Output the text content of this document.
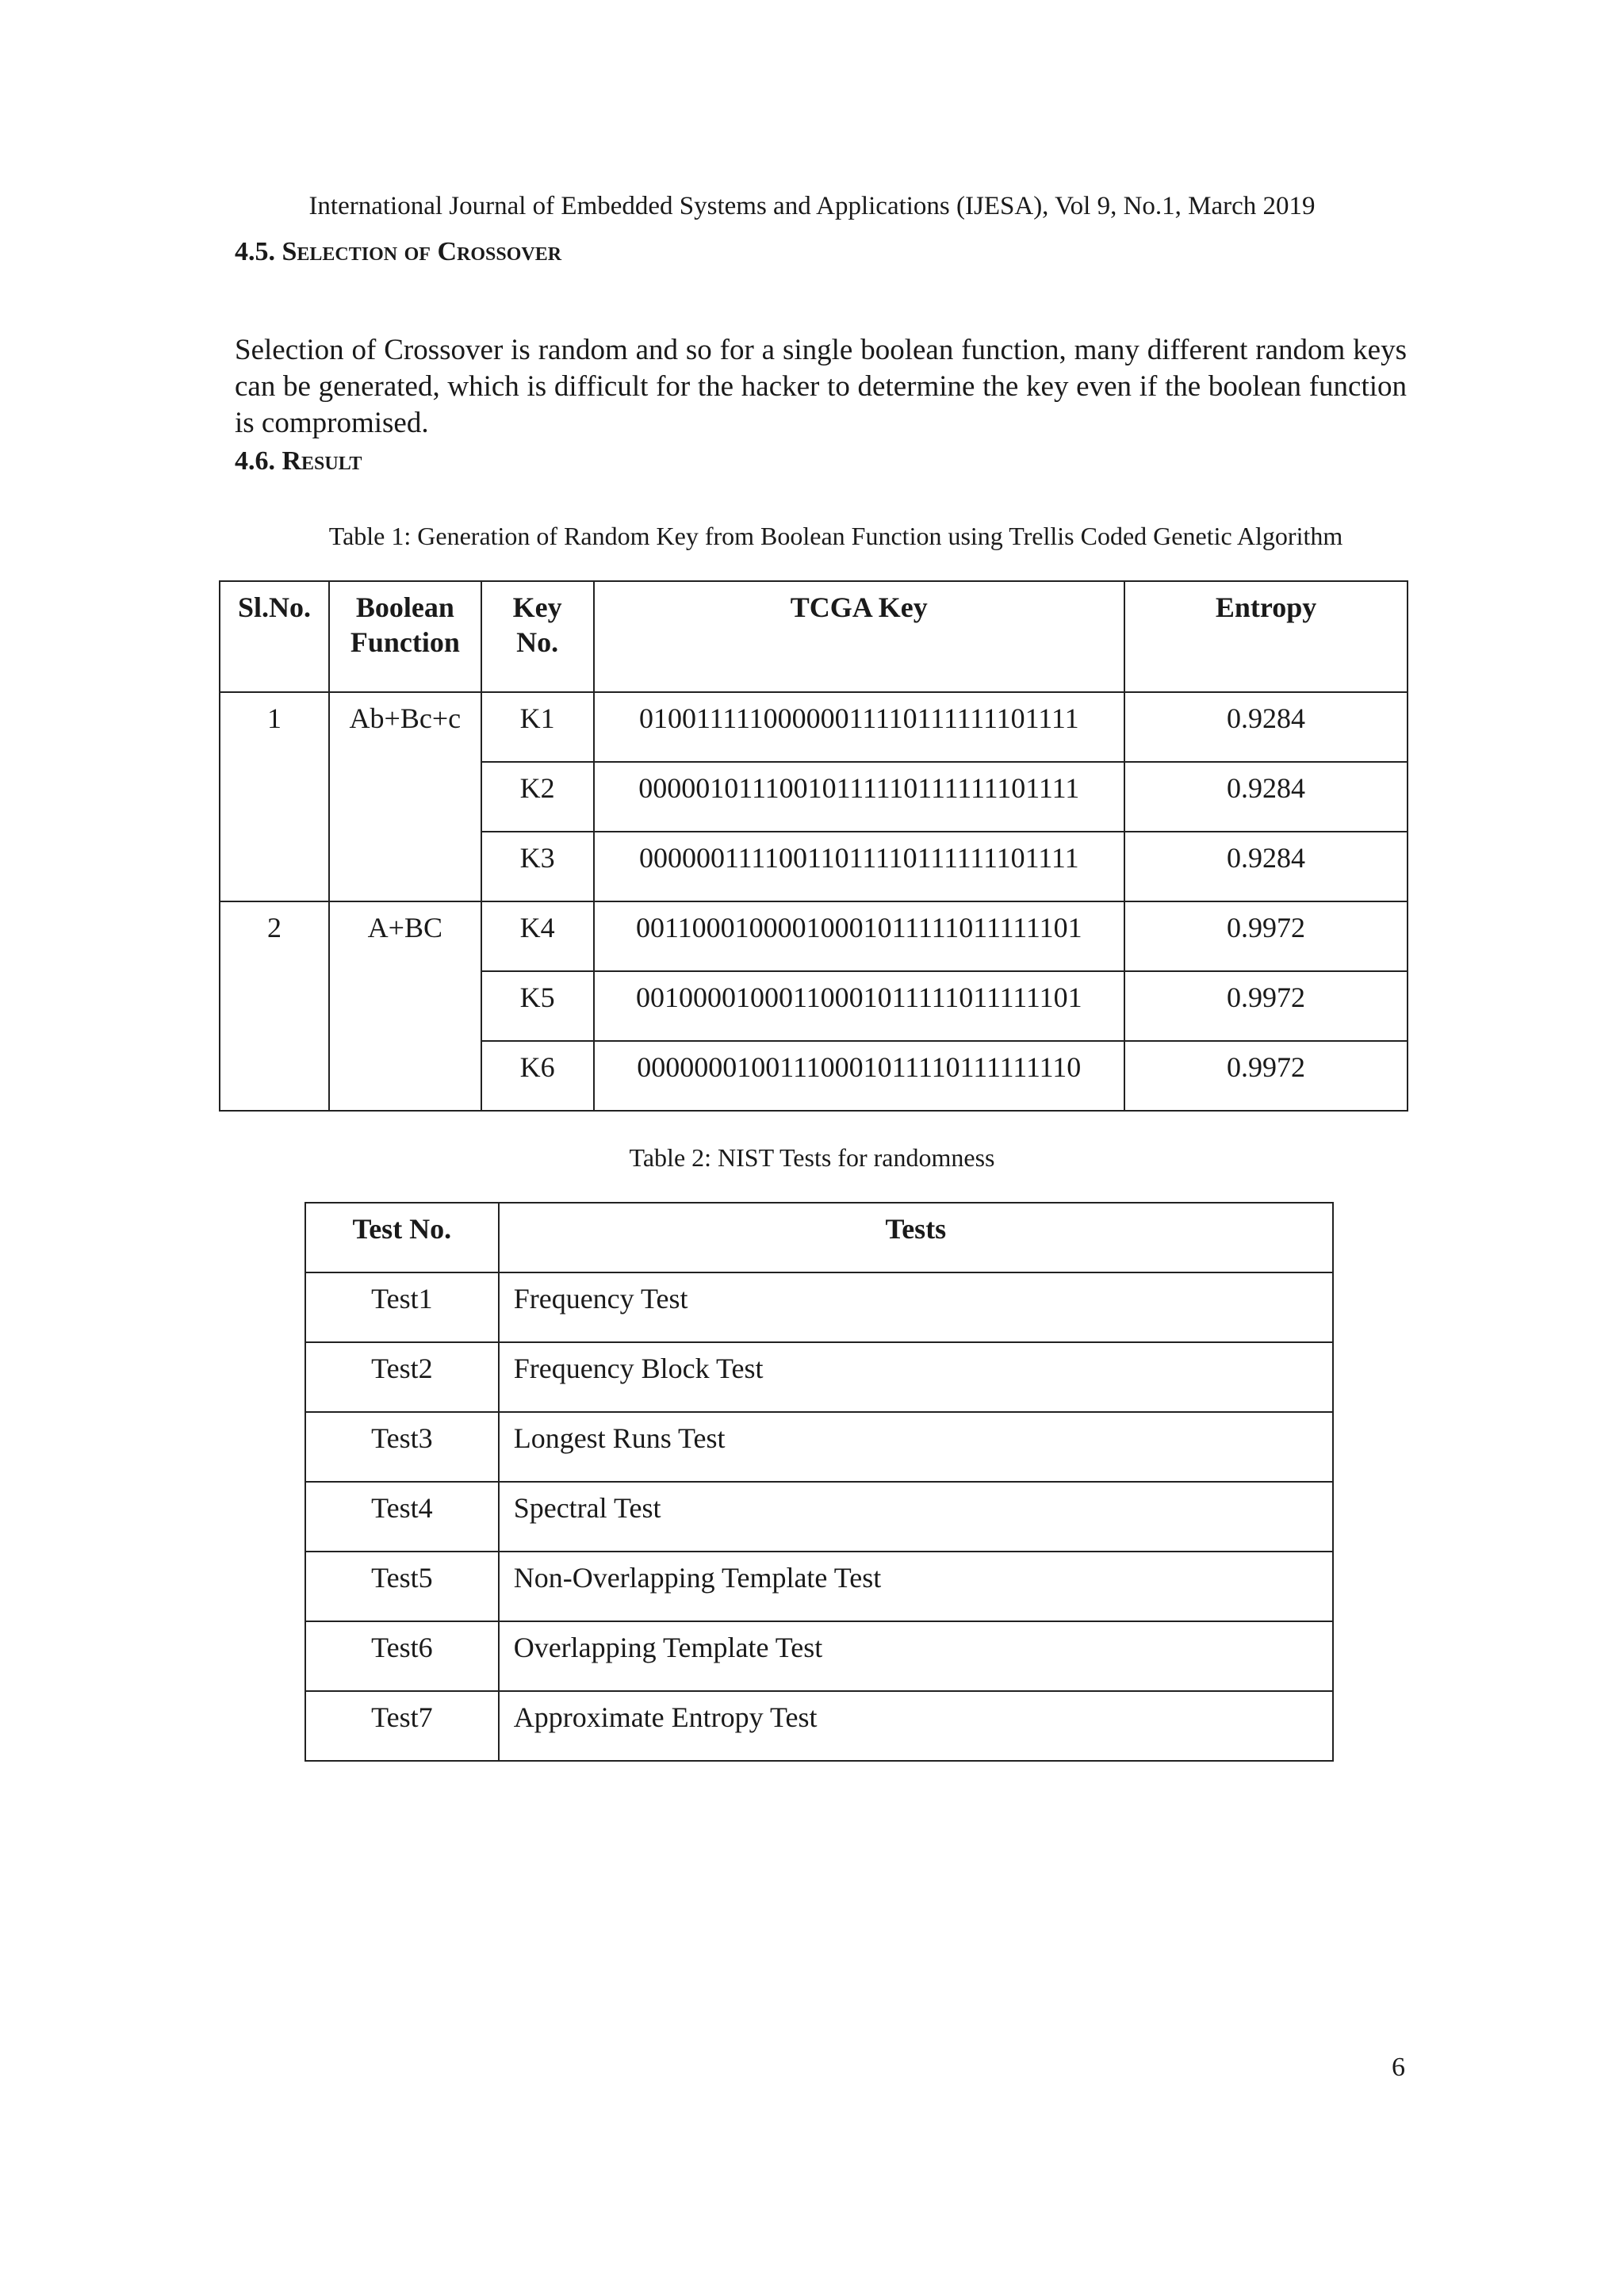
International Journal of Embedded Systems and Applications (IJESA), Vol 9, No.1, March 2019
4.5. Selection of Crossover

Selection of Crossover is random and so for a single boolean function, many different random keys can be generated, which is difficult for the hacker to determine the key even if the boolean function is compromised.

4.6. Result
Table 1: Generation of Random Key from Boolean Function using Trellis Coded Genetic Algorithm
Sl.No.	Boolean Function	Key No.	TCGA Key	Entropy
1	Ab+Bc+c	K1	01001111100000011110111111101111	0.9284
		K2	00000101110010111110111111101111	0.9284
		K3	00000011110011011110111111101111	0.9284
2	A+BC	K4	00110001000010001011111011111101	0.9972
		K5	00100001000110001011111011111101	0.9972
		K6	00000001001110001011110111111110	0.9972
Table 2: NIST Tests for randomness
Test No.	Tests
Test1	Frequency Test
Test2	Frequency Block Test
Test3	Longest Runs Test
Test4	Spectral Test
Test5	Non-Overlapping Template Test
Test6	Overlapping Template Test
Test7	Approximate Entropy Test
6
